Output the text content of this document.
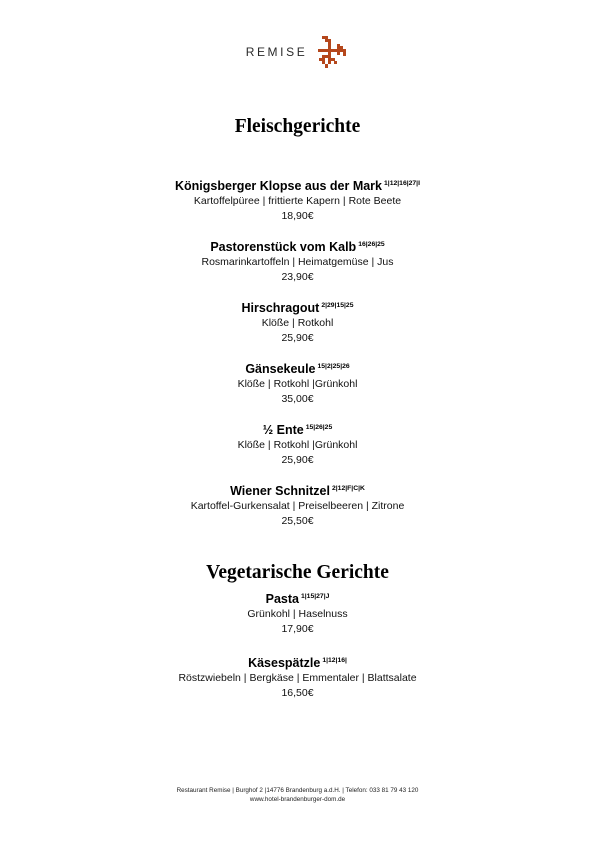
REMISE
Fleischgerichte
Königsberger Klopse aus der Mark $^{1|12|16|27|I}$
Kartoffelpüree | frittierte Kapern | Rote Beete
18,90€
Pastorenstück vom Kalb $^{16|26|25}$
Rosmarinkartoffeln | Heimatgemüse | Jus
23,90€
Hirschragout $^{2|29|15|25}$
Klöße | Rotkohl
25,90€
Gänsekeule $^{15|2|25|26}$
Klöße | Rotkohl |Grünkohl
35,00€
½ Ente $^{15|26|25}$
Klöße | Rotkohl |Grünkohl
25,90€
Wiener Schnitzel $^{2|12|F|C|K}$
Kartoffel-Gurkensalat | Preiselbeeren | Zitrone
25,50€
Vegetarische Gerichte
Pasta $^{1|15|27|J}$
Grünkohl | Haselnuss
17,90€
Käsespätzle $^{1|12|16|}$
Röstzwiebeln | Bergkäse | Emmentaler | Blattsalate
16,50€
Restaurant Remise | Burghof 2 |14776 Brandenburg a.d.H. | Telefon: 033 81 79 43 120
www.hotel-brandenburger-dom.de
